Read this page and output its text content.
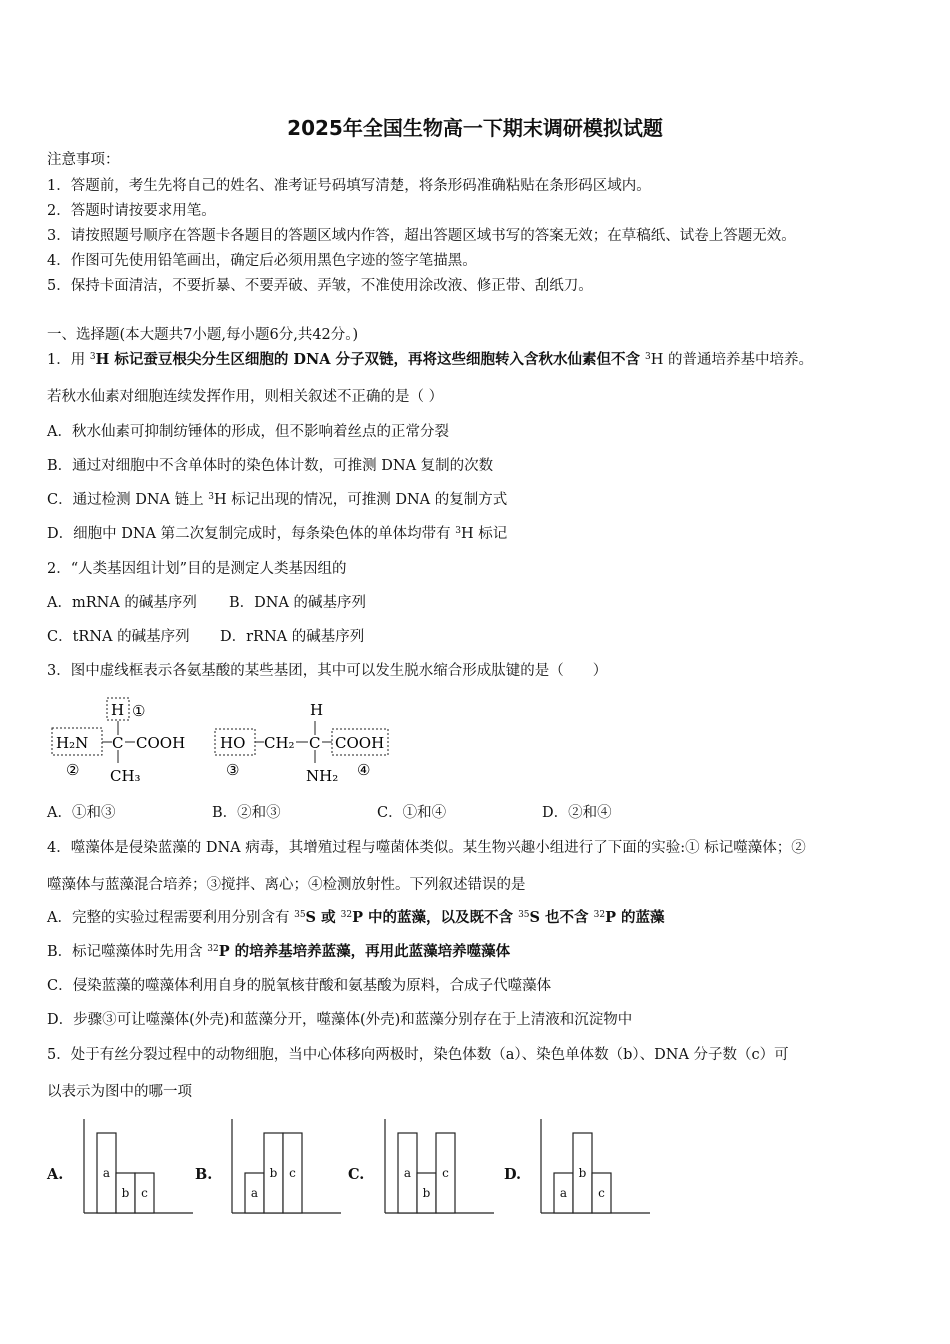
2025年全国生物高一下期末调研模拟试题
注意事项：
1．答题前，考生先将自己的姓名、准考证号码填写清楚，将条形码准确粘贴在条形码区域内。
2．答题时请按要求用笔。
3．请按照题号顺序在答题卡各题目的答题区域内作答，超出答题区域书写的答案无效；在草稿纸、试卷上答题无效。
4．作图可先使用铅笔画出，确定后必须用黑色字迹的签字笔描黑。
5．保持卡面清洁，不要折暴、不要弄破、弄皱，不准使用涂改液、修正带、刮纸刀。
一、选择题(本大题共7小题,每小题6分,共42分。)
1．用 $^3$H 标记蚕豆根尖分生区细胞的 DNA 分子双链，再将这些细胞转入含秋水仙素但不含 $^3$H 的普通培养基中培养。
若秋水仙素对细胞连续发挥作用，则相关叙述不正确的是（ ）
A．秋水仙素可抑制纺锤体的形成，但不影响着丝点的正常分裂
B．通过对细胞中不含单体时的染色体计数，可推测 DNA 复制的次数
C．通过检测 DNA 链上 $^3$H 标记出现的情况，可推测 DNA 的复制方式
D．细胞中 DNA 第二次复制完成时，每条染色体的单体均带有 $^3$H 标记
2．“人类基因组计划”目的是测定人类基因组的
A．mRNA 的碱基序列 B．DNA 的碱基序列
C．tRNA 的碱基序列 D．rRNA 的碱基序列
3．图中虚线框表示各氨基酸的某些基团，其中可以发生脱水缩合形成肽键的是（　　）
H ①
H₂N C COOH
② CH₃
H
HO CH₂ C COOH
③	NH₂ ④
A．①和③	B．②和③	C．①和④	D．②和④
4．噬藻体是侵染蓝藻的 DNA 病毒，其增殖过程与噬菌体类似。某生物兴趣小组进行了下面的实验:① 标记噬藻体；②
噬藻体与蓝藻混合培养；③搅拌、离心；④检测放射性。下列叙述错误的是
A．完整的实验过程需要利用分别含有 $^{35}$S 或 $^{32}$P 中的蓝藻，以及既不含 $^{35}$S 也不含 $^{32}$P 的蓝藻
B．标记噬藻体时先用含 $^{32}$P 的培养基培养蓝藻，再用此蓝藻培养噬藻体
C．侵染蓝藻的噬藻体利用自身的脱氧核苷酸和氨基酸为原料，合成子代噬藻体
D．步骤③可让噬藻体(外壳)和蓝藻分开，噬藻体(外壳)和蓝藻分别存在于上清液和沉淀物中
5．处于有丝分裂过程中的动物细胞，当中心体移向两极时，染色体数（a）、染色单体数（b）、DNA 分子数（c）可
以表示为图中的哪一项
A.	a
b c
B.
a
b c	C.	a
b
c	D.
a
b
c
